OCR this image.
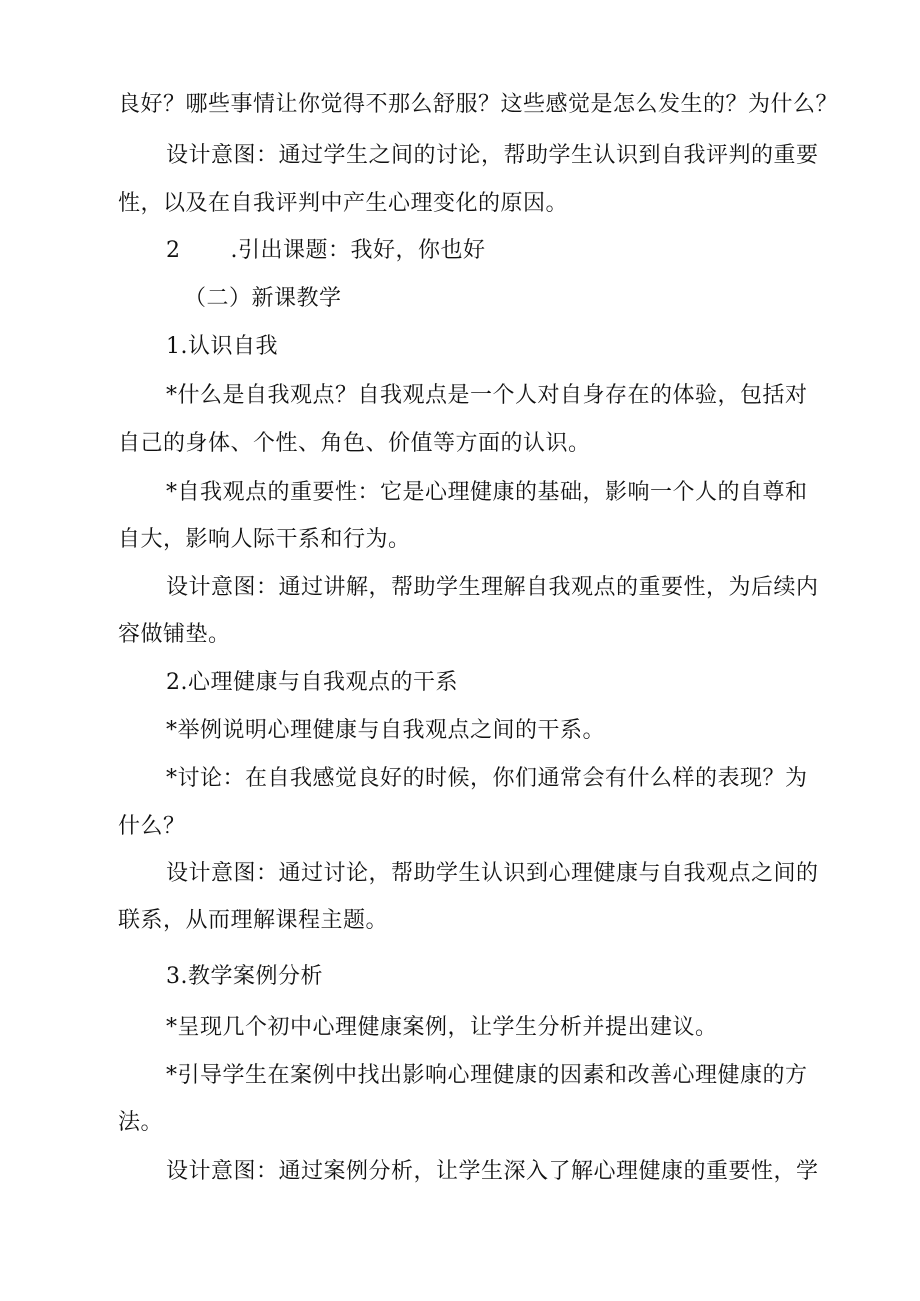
良好？哪些事情让你觉得不那么舒服？这些感觉是怎么发生的？为什么？
设计意图：通过学生之间的讨论，帮助学生认识到自我评判的重要
性，以及在自我评判中产生心理变化的原因。
2 .引出课题：我好，你也好
（二）新课教学
1.认识自我
*什么是自我观点？自我观点是一个人对自身存在的体验，包括对
自己的身体、个性、角色、价值等方面的认识。
*自我观点的重要性：它是心理健康的基础，影响一个人的自尊和
自大，影响人际干系和行为。
设计意图：通过讲解，帮助学生理解自我观点的重要性，为后续内
容做铺垫。
2.心理健康与自我观点的干系
*举例说明心理健康与自我观点之间的干系。
*讨论：在自我感觉良好的时候，你们通常会有什么样的表现？为
什么？
设计意图：通过讨论，帮助学生认识到心理健康与自我观点之间的
联系，从而理解课程主题。
3.教学案例分析
*呈现几个初中心理健康案例，让学生分析并提出建议。
*引导学生在案例中找出影响心理健康的因素和改善心理健康的方
法。
设计意图：通过案例分析，让学生深入了解心理健康的重要性，学
